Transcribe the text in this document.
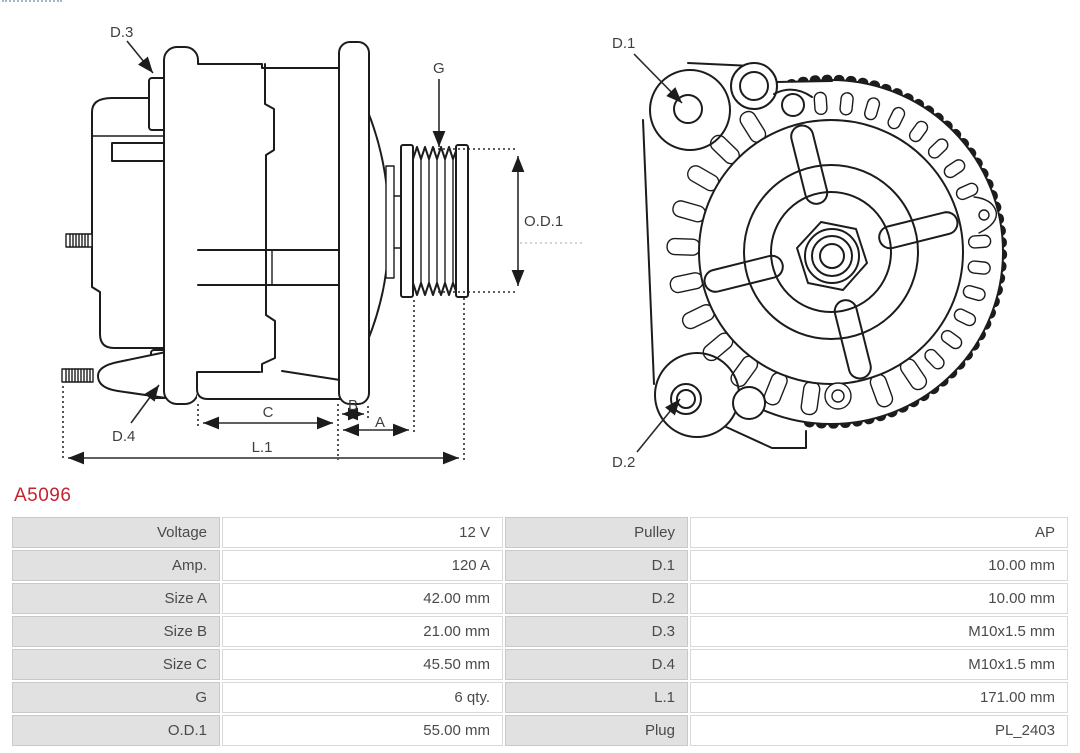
D.3
G
O.D.1
D.4
C	B
A
L.1
D.1
D.2
A5096
Voltage	12 V	Pulley	AP
Amp.	120 A	D.1	10.00 mm
Size A	42.00 mm	D.2	10.00 mm
Size B	21.00 mm	D.3	M10x1.5 mm
Size C	45.50 mm	D.4	M10x1.5 mm
G	6 qty.	L.1	171.00 mm
O.D.1	55.00 mm	Plug	PL_2403
